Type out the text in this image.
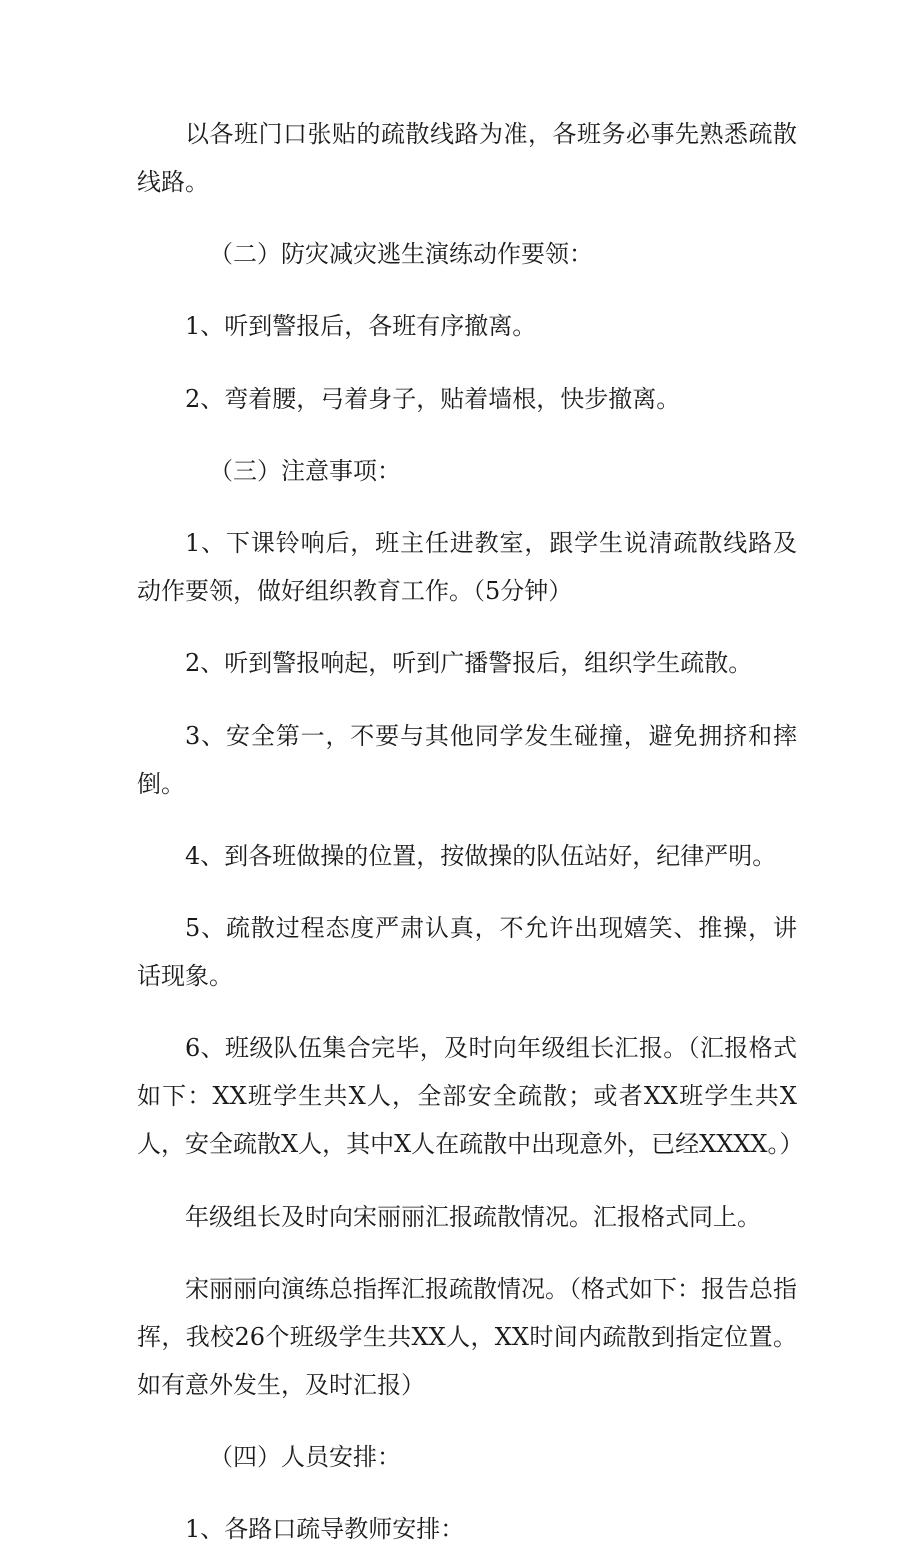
以各班门口张贴的疏散线路为准，各班务必事先熟悉疏散线路。

（二）防灾减灾逃生演练动作要领：

1、听到警报后，各班有序撤离。

2、弯着腰，弓着身子，贴着墙根，快步撤离。

（三）注意事项：

1、下课铃响后，班主任进教室，跟学生说清疏散线路及动作要领，做好组织教育工作。（5分钟）

2、听到警报响起，听到广播警报后，组织学生疏散。

3、安全第一，不要与其他同学发生碰撞，避免拥挤和摔倒。

4、到各班做操的位置，按做操的队伍站好，纪律严明。

5、疏散过程态度严肃认真，不允许出现嬉笑、推操，讲话现象。

6、班级队伍集合完毕，及时向年级组长汇报。（汇报格式如下：XX班学生共X人，全部安全疏散；或者XX班学生共X人，安全疏散X人，其中X人在疏散中出现意外，已经XXXX。）

年级组长及时向宋丽丽汇报疏散情况。汇报格式同上。

宋丽丽向演练总指挥汇报疏散情况。（格式如下：报告总指挥，我校26个班级学生共XX人，XX时间内疏散到指定位置。如有意外发生，及时汇报）

（四）人员安排：

1、各路口疏导教师安排：
